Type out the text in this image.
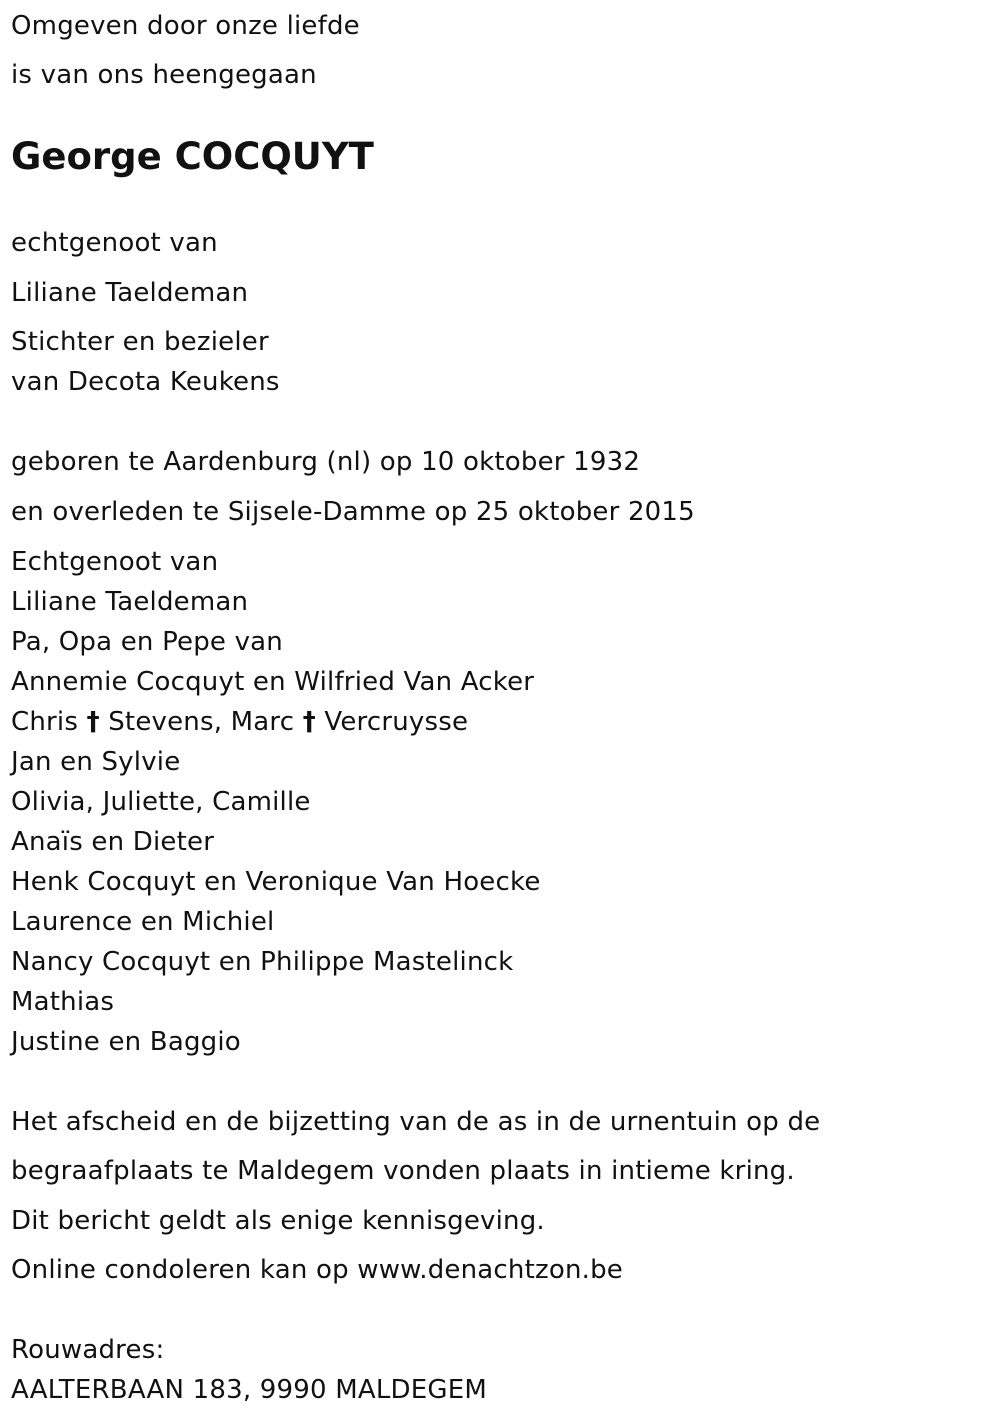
Omgeven door onze liefde
is van ons heengegaan
George COCQUYT
echtgenoot van
Liliane Taeldeman
Stichter en bezieler
van Decota Keukens
geboren te Aardenburg (nl) op 10 oktober 1932
en overleden te Sijsele-Damme op 25 oktober 2015
Echtgenoot van
Liliane Taeldeman
Pa, Opa en Pepe van
Annemie Cocquyt en Wilfried Van Acker
Chris † Stevens, Marc † Vercruysse
Jan en Sylvie
Olivia, Juliette, Camille
Anaïs en Dieter
Henk Cocquyt en Veronique Van Hoecke
Laurence en Michiel
Nancy Cocquyt en Philippe Mastelinck
Mathias
Justine en Baggio
Het afscheid en de bijzetting van de as in de urnentuin op de
begraafplaats te Maldegem vonden plaats in intieme kring.
Dit bericht geldt als enige kennisgeving.
Online condoleren kan op www.denachtzon.be
Rouwadres:
AALTERBAAN 183, 9990 MALDEGEM
